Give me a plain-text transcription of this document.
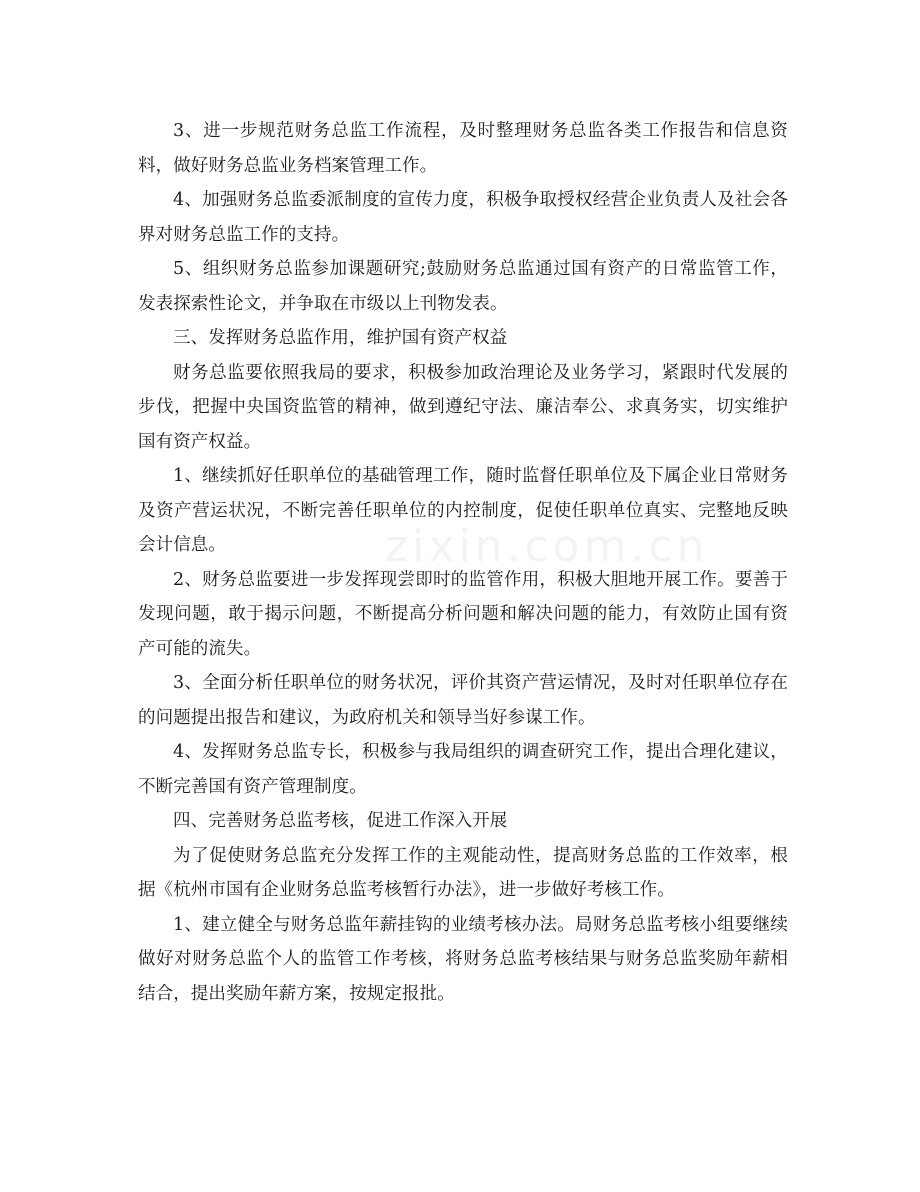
3、进一步规范财务总监工作流程，及时整理财务总监各类工作报告和信息资料，做好财务总监业务档案管理工作。

4、加强财务总监委派制度的宣传力度，积极争取授权经营企业负责人及社会各界对财务总监工作的支持。

5、组织财务总监参加课题研究;鼓励财务总监通过国有资产的日常监管工作，发表探索性论文，并争取在市级以上刊物发表。

三、发挥财务总监作用，维护国有资产权益

财务总监要依照我局的要求，积极参加政治理论及业务学习，紧跟时代发展的步伐，把握中央国资监管的精神，做到遵纪守法、廉洁奉公、求真务实，切实维护国有资产权益。

1、继续抓好任职单位的基础管理工作，随时监督任职单位及下属企业日常财务及资产营运状况，不断完善任职单位的内控制度，促使任职单位真实、完整地反映会计信息。

2、财务总监要进一步发挥现尝即时的监管作用，积极大胆地开展工作。要善于发现问题，敢于揭示问题，不断提高分析问题和解决问题的能力，有效防止国有资产可能的流失。

3、全面分析任职单位的财务状况，评价其资产营运情况，及时对任职单位存在的问题提出报告和建议，为政府机关和领导当好参谋工作。

4、发挥财务总监专长，积极参与我局组织的调查研究工作，提出合理化建议，不断完善国有资产管理制度。

四、完善财务总监考核，促进工作深入开展

为了促使财务总监充分发挥工作的主观能动性，提高财务总监的工作效率，根据《杭州市国有企业财务总监考核暂行办法》，进一步做好考核工作。

1、建立健全与财务总监年薪挂钩的业绩考核办法。局财务总监考核小组要继续做好对财务总监个人的监管工作考核，将财务总监考核结果与财务总监奖励年薪相结合，提出奖励年薪方案，按规定报批。

zixin.com.cn
